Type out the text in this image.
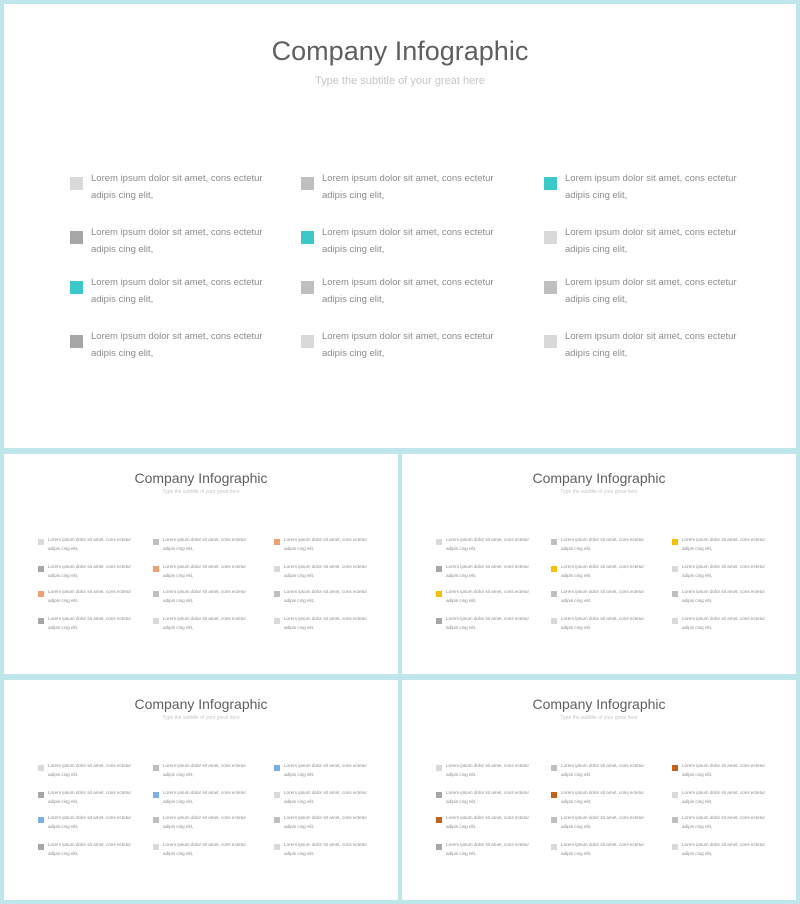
Company Infographic
Type the subtitle of your great here
Lorem ipsum dolor sit amet, cons ectetur
adipis cing elit,
Lorem ipsum dolor sit amet, cons ectetur
adipis cing elit,
Lorem ipsum dolor sit amet, cons ectetur
adipis cing elit,
Lorem ipsum dolor sit amet, cons ectetur
adipis cing elit,
Lorem ipsum dolor sit amet, cons ectetur
adipis cing elit,
Lorem ipsum dolor sit amet, cons ectetur
adipis cing elit,
Lorem ipsum dolor sit amet, cons ectetur
adipis cing elit,
Lorem ipsum dolor sit amet, cons ectetur
adipis cing elit,
Lorem ipsum dolor sit amet, cons ectetur
adipis cing elit,
Lorem ipsum dolor sit amet, cons ectetur
adipis cing elit,
Lorem ipsum dolor sit amet, cons ectetur
adipis cing elit,
Lorem ipsum dolor sit amet, cons ectetur
adipis cing elit,
Company Infographic
Type the subtitle of your great here
Lorem ipsum dolor sit amet, cons ectetur
adipis cing elit,
Lorem ipsum dolor sit amet, cons ectetur
adipis cing elit,
Lorem ipsum dolor sit amet, cons ectetur
adipis cing elit,
Lorem ipsum dolor sit amet, cons ectetur
adipis cing elit,
Lorem ipsum dolor sit amet, cons ectetur
adipis cing elit,
Lorem ipsum dolor sit amet, cons ectetur
adipis cing elit,
Lorem ipsum dolor sit amet, cons ectetur
adipis cing elit,
Lorem ipsum dolor sit amet, cons ectetur
adipis cing elit,
Lorem ipsum dolor sit amet, cons ectetur
adipis cing elit,
Lorem ipsum dolor sit amet, cons ectetur
adipis cing elit,
Lorem ipsum dolor sit amet, cons ectetur
adipis cing elit,
Lorem ipsum dolor sit amet, cons ectetur
adipis cing elit,
Company Infographic
Type the subtitle of your great here
Lorem ipsum dolor sit amet, cons ectetur
adipis cing elit,
Lorem ipsum dolor sit amet, cons ectetur
adipis cing elit,
Lorem ipsum dolor sit amet, cons ectetur
adipis cing elit,
Lorem ipsum dolor sit amet, cons ectetur
adipis cing elit,
Lorem ipsum dolor sit amet, cons ectetur
adipis cing elit,
Lorem ipsum dolor sit amet, cons ectetur
adipis cing elit,
Lorem ipsum dolor sit amet, cons ectetur
adipis cing elit,
Lorem ipsum dolor sit amet, cons ectetur
adipis cing elit,
Lorem ipsum dolor sit amet, cons ectetur
adipis cing elit,
Lorem ipsum dolor sit amet, cons ectetur
adipis cing elit,
Lorem ipsum dolor sit amet, cons ectetur
adipis cing elit,
Lorem ipsum dolor sit amet, cons ectetur
adipis cing elit,
Company Infographic
Type the subtitle of your great here
Lorem ipsum dolor sit amet, cons ectetur
adipis cing elit,
Lorem ipsum dolor sit amet, cons ectetur
adipis cing elit,
Lorem ipsum dolor sit amet, cons ectetur
adipis cing elit,
Lorem ipsum dolor sit amet, cons ectetur
adipis cing elit,
Lorem ipsum dolor sit amet, cons ectetur
adipis cing elit,
Lorem ipsum dolor sit amet, cons ectetur
adipis cing elit,
Lorem ipsum dolor sit amet, cons ectetur
adipis cing elit,
Lorem ipsum dolor sit amet, cons ectetur
adipis cing elit,
Lorem ipsum dolor sit amet, cons ectetur
adipis cing elit,
Lorem ipsum dolor sit amet, cons ectetur
adipis cing elit,
Lorem ipsum dolor sit amet, cons ectetur
adipis cing elit,
Lorem ipsum dolor sit amet, cons ectetur
adipis cing elit,
Company Infographic
Type the subtitle of your great here
Lorem ipsum dolor sit amet, cons ectetur
adipis cing elit,
Lorem ipsum dolor sit amet, cons ectetur
adipis cing elit,
Lorem ipsum dolor sit amet, cons ectetur
adipis cing elit,
Lorem ipsum dolor sit amet, cons ectetur
adipis cing elit,
Lorem ipsum dolor sit amet, cons ectetur
adipis cing elit,
Lorem ipsum dolor sit amet, cons ectetur
adipis cing elit,
Lorem ipsum dolor sit amet, cons ectetur
adipis cing elit,
Lorem ipsum dolor sit amet, cons ectetur
adipis cing elit,
Lorem ipsum dolor sit amet, cons ectetur
adipis cing elit,
Lorem ipsum dolor sit amet, cons ectetur
adipis cing elit,
Lorem ipsum dolor sit amet, cons ectetur
adipis cing elit,
Lorem ipsum dolor sit amet, cons ectetur
adipis cing elit,
